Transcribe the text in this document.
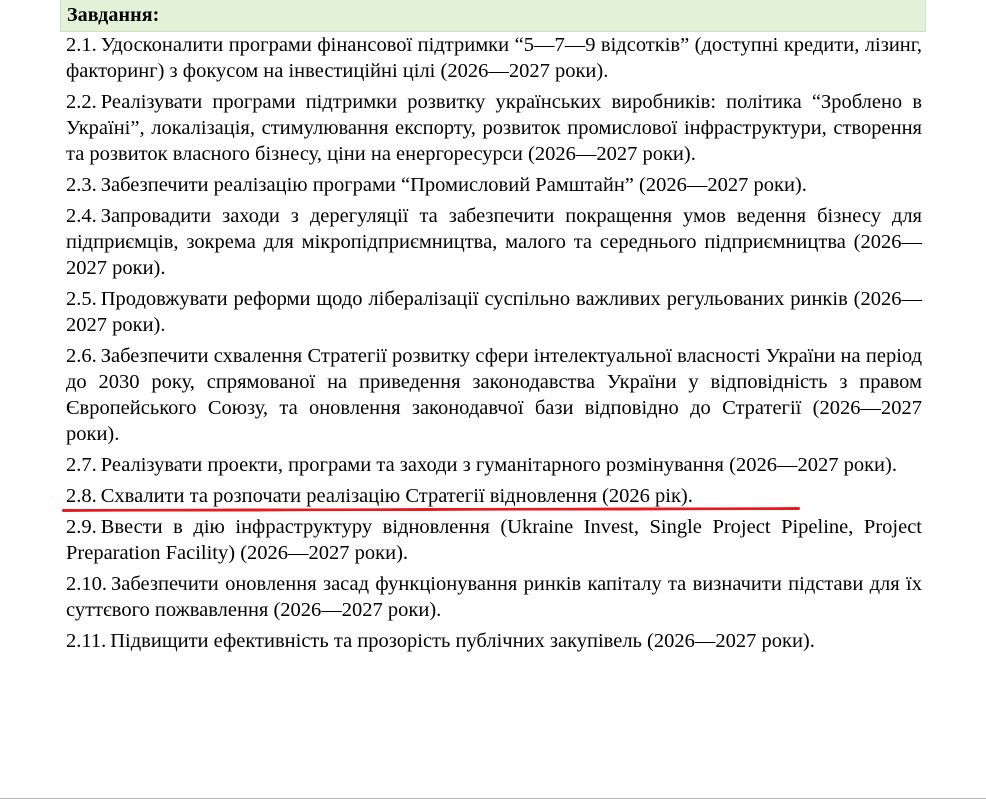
Завдання:

2.1. Удосконалити програми фінансової підтримки “5—7—9 відсотків” (доступні кредити, лізинг, факторинг) з фокусом на інвестиційні цілі (2026—2027 роки).

2.2. Реалізувати програми підтримки розвитку українських виробників: політика “Зроблено в Україні”, локалізація, стимулювання експорту, розвиток промислової інфраструктури, створення та розвиток власного бізнесу, ціни на енергоресурси (2026—2027 роки).

2.3. Забезпечити реалізацію програми “Промисловий Рамштайн” (2026—2027 роки).

2.4. Запровадити заходи з дерегуляції та забезпечити покращення умов ведення бізнесу для підприємців, зокрема для мікропідприємництва, малого та середнього підприємництва (2026—2027 роки).

2.5. Продовжувати реформи щодо лібералізації суспільно важливих регульованих ринків (2026—2027 роки).

2.6. Забезпечити схвалення Стратегії розвитку сфери інтелектуальної власності України на період до 2030 року, спрямованої на приведення законодавства України у відповідність з правом Європейського Союзу, та оновлення законодавчої бази відповідно до Стратегії (2026—2027 роки).

2.7. Реалізувати проекти, програми та заходи з гуманітарного розмінування (2026—2027 роки).

2.8. Схвалити та розпочати реалізацію Стратегії відновлення (2026 рік).

2.9. Ввести в дію інфраструктуру відновлення (Ukraine Invest, Single Project Pipeline, Project Preparation Facility) (2026—2027 роки).

2.10. Забезпечити оновлення засад функціонування ринків капіталу та визначити підстави для їх суттєвого пожвавлення (2026—2027 роки).

2.11. Підвищити ефективність та прозорість публічних закупівель (2026—2027 роки).
